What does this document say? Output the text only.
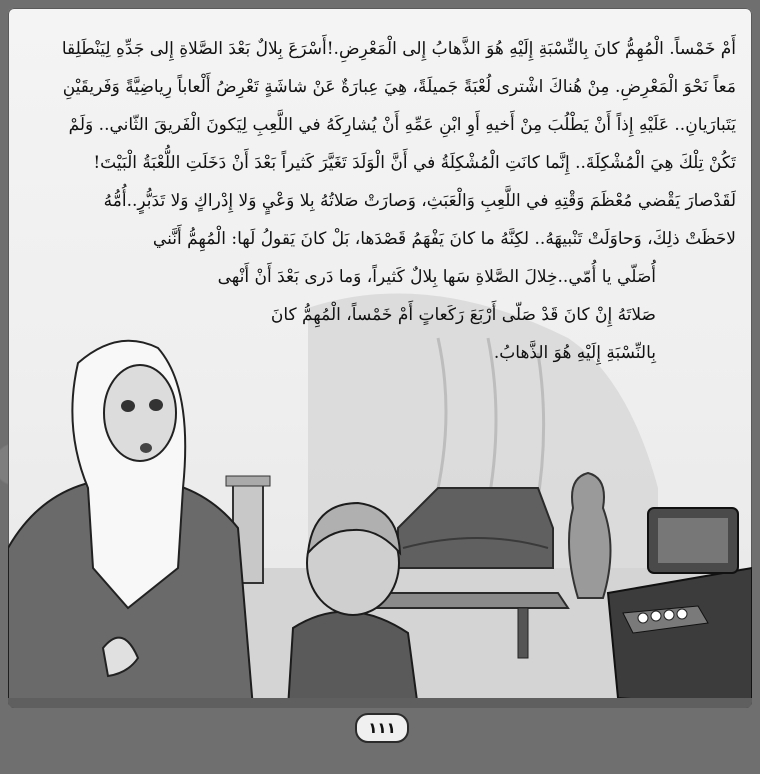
أَمْ خَمْساً. الْمُهِمُّ كانَ بِالنِّسْبَةِ إِلَيْهِ هُوَ الذَّهابُ إِلى الْمَعْرِضِ.!أَسْرَعَ بِلالٌ بَعْدَ الصَّلاةِ إِلى جَدِّهِ لِيَنْطَلِقا
مَعاً نَحْوَ الْمَعْرِضِ. مِنْ هُناكَ اشْترى لُعْبَةً جَميلَةً، هِيَ عِبارَةٌ عَنْ شاشَةٍ تَعْرِضُ أَلْعاباً رِياضِيَّةً وَفَريقَيْنِ
يَتَبارَيانِ.. عَلَيْهِ إِذاً أَنْ يَطْلُبَ مِنْ أَخيهِ أَوِ ابْنِ عَمِّهِ أَنْ يُشارِكَهُ في اللَّعِبِ لِيَكونَ الْفَريقَ الثّاني.. وَلَمْ
تَكُنْ تِلْكَ هِيَ الْمُشْكِلَةَ.. إِنَّما كانَتِ الْمُشْكِلَةُ في أَنَّ الْوَلَدَ تَغَيَّرَ كَثيراً بَعْدَ أَنْ دَخَلَتِ اللُّعْبَةُ الْبَيْتَ!
لَقَدْصارَ يَقْضي مُعْظَمَ وَقْتِهِ في اللَّعِبِ وَالْعَبَثِ، وَصارَتْ صَلاتُهُ بِلا وَعْيٍ وَلا إِدْراكٍ وَلا تَدَبُّرٍ..أُمُّهُ
لاحَظَتْ ذلِكَ، وَحاوَلَتْ تَنْبيهَهُ.. لكِنَّهُ ما كانَ يَفْهَمُ قَصْدَها، بَلْ كانَ يَقولُ لَها: الْمُهِمُّ أَنَّني
أُصَلّي يا أُمّي..خِلالَ الصَّلاةِ سَها بِلالٌ كَثيراً، وَما دَرى بَعْدَ أَنْ أَنْهى
صَلاتَهُ إِنْ كانَ قَدْ صَلّى أَرْبَعَ رَكَعاتٍ أَمْ خَمْساً، الْمُهِمُّ كانَ
بِالنِّسْبَةِ إِلَيْهِ هُوَ الذَّهابُ.
١١١
